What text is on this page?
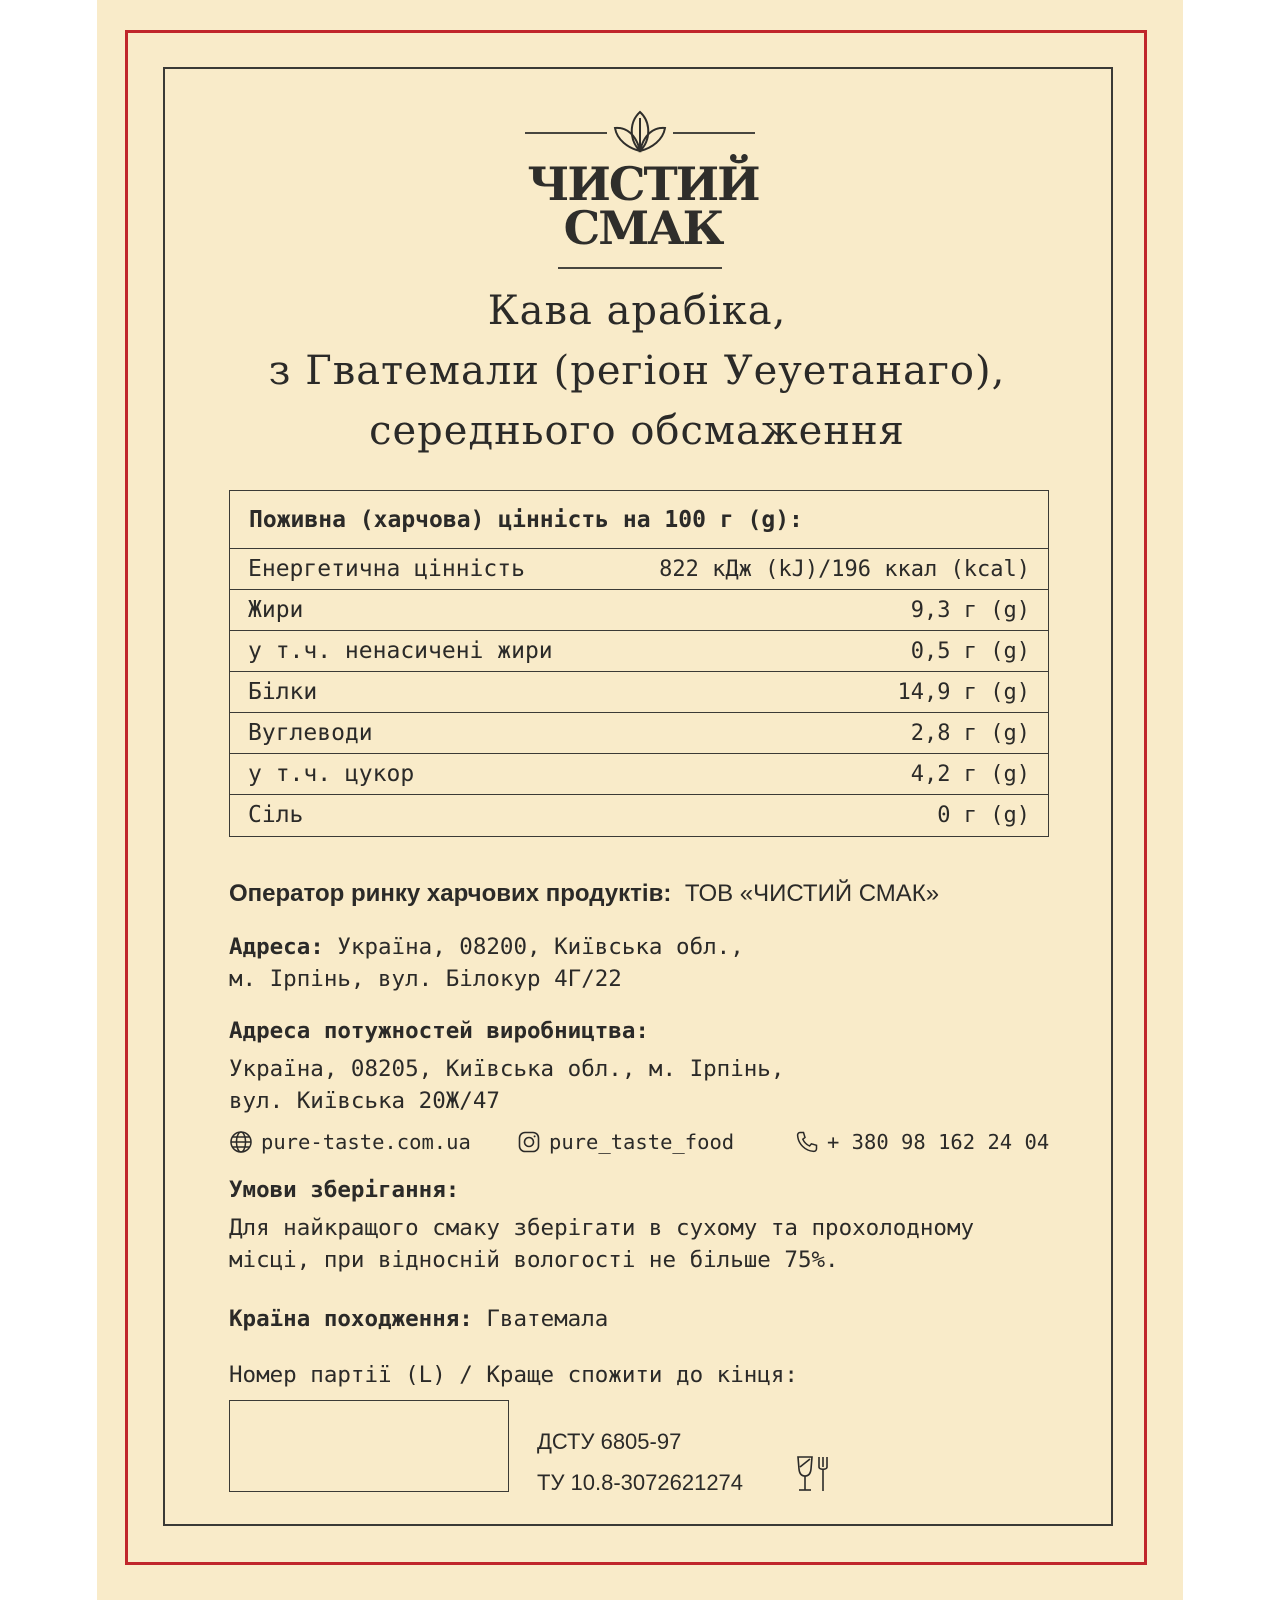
ЧИСТИЙ
СМАК
Кава арабіка,
з Гватемали (регіон Уеуетанаго),
середнього обсмаження
Поживна (харчова) цінність на 100 г (g):
Енергетична цінність	822 кДж (kJ)/196 ккал (kcal)
Жири	9,3 г (g)
у т.ч. ненасичені жири	0,5 г (g)
Білки	14,9 г (g)
Вуглеводи	2,8 г (g)
у т.ч. цукор	4,2 г (g)
Сіль	0 г (g)
Оператор ринку харчових продуктів: ТОВ «ЧИСТИЙ СМАК»
Адреса: Україна, 08200, Київська обл.,
м. Ірпінь, вул. Білокур 4Г/22
Адреса потужностей виробництва:
Україна, 08205, Київська обл., м. Ірпінь,
вул. Київська 20Ж/47
pure-taste.com.ua	pure_taste_food	+ 380 98 162 24 04
Умови зберігання:
Для найкращого смаку зберігати в сухому та прохолодному
місці, при відносній вологості не більше 75%.
Країна походження: Гватемала
Номер партії (L) / Краще спожити до кінця:
ДСТУ 6805-97
ТУ 10.8-3072621274
